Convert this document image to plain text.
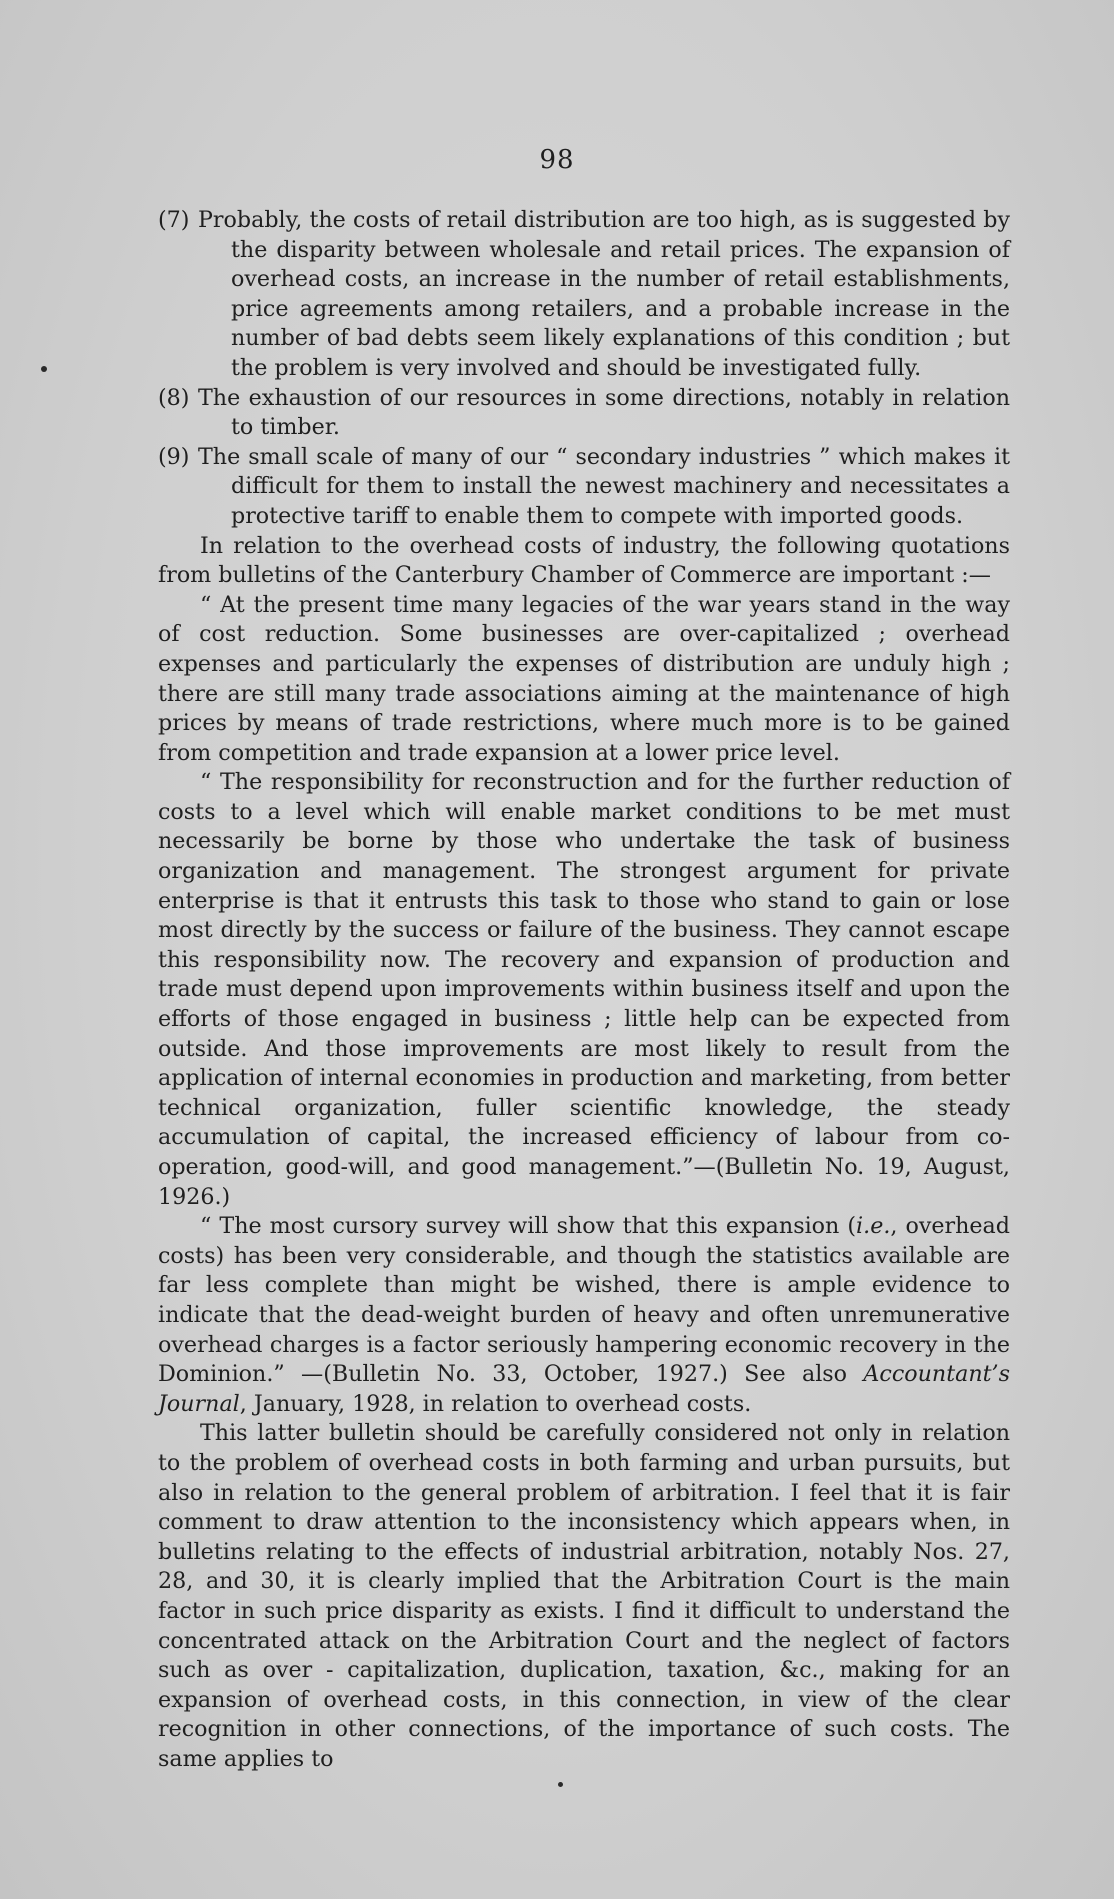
98

(7) Probably, the costs of retail distribution are too high, as is suggested by the disparity between wholesale and retail prices. The expansion of overhead costs, an increase in the number of retail establishments, price agreements among retailers, and a probable increase in the number of bad debts seem likely explanations of this condition ; but the problem is very involved and should be investigated fully.

(8) The exhaustion of our resources in some directions, notably in relation to timber.

(9) The small scale of many of our “ secondary industries ” which makes it difficult for them to install the newest machinery and necessitates a protective tariff to enable them to compete with imported goods.

In relation to the overhead costs of industry, the following quotations from bulletins of the Canterbury Chamber of Commerce are important :—

“ At the present time many legacies of the war years stand in the way of cost reduction. Some businesses are over-capitalized ; overhead expenses and particularly the expenses of distribution are unduly high ; there are still many trade associations aiming at the maintenance of high prices by means of trade restrictions, where much more is to be gained from competition and trade expansion at a lower price level.

“ The responsibility for reconstruction and for the further reduction of costs to a level which will enable market conditions to be met must necessarily be borne by those who undertake the task of business organization and management. The strongest argument for private enterprise is that it entrusts this task to those who stand to gain or lose most directly by the success or failure of the business. They cannot escape this responsibility now. The recovery and expansion of production and trade must depend upon improvements within business itself and upon the efforts of those engaged in business ; little help can be expected from outside. And those improvements are most likely to result from the application of internal economies in production and marketing, from better technical organization, fuller scientific knowledge, the steady accumulation of capital, the increased efficiency of labour from co-operation, good-will, and good management.”—(Bulletin No. 19, August, 1926.)

“ The most cursory survey will show that this expansion (i.e., overhead costs) has been very considerable, and though the statistics available are far less complete than might be wished, there is ample evidence to indicate that the dead-weight burden of heavy and often unremunerative overhead charges is a factor seriously hampering economic recovery in the Dominion.” —(Bulletin No. 33, October, 1927.) See also Accountant’s Journal, January, 1928, in relation to overhead costs.

This latter bulletin should be carefully considered not only in relation to the problem of overhead costs in both farming and urban pursuits, but also in relation to the general problem of arbitration. I feel that it is fair comment to draw attention to the inconsistency which appears when, in bulletins relating to the effects of industrial arbitration, notably Nos. 27, 28, and 30, it is clearly implied that the Arbitration Court is the main factor in such price disparity as exists. I find it difficult to understand the concentrated attack on the Arbitration Court and the neglect of factors such as over - capitalization, duplication, taxation, &c., making for an expansion of overhead costs, in this connection, in view of the clear recognition in other connections, of the importance of such costs. The same applies to
